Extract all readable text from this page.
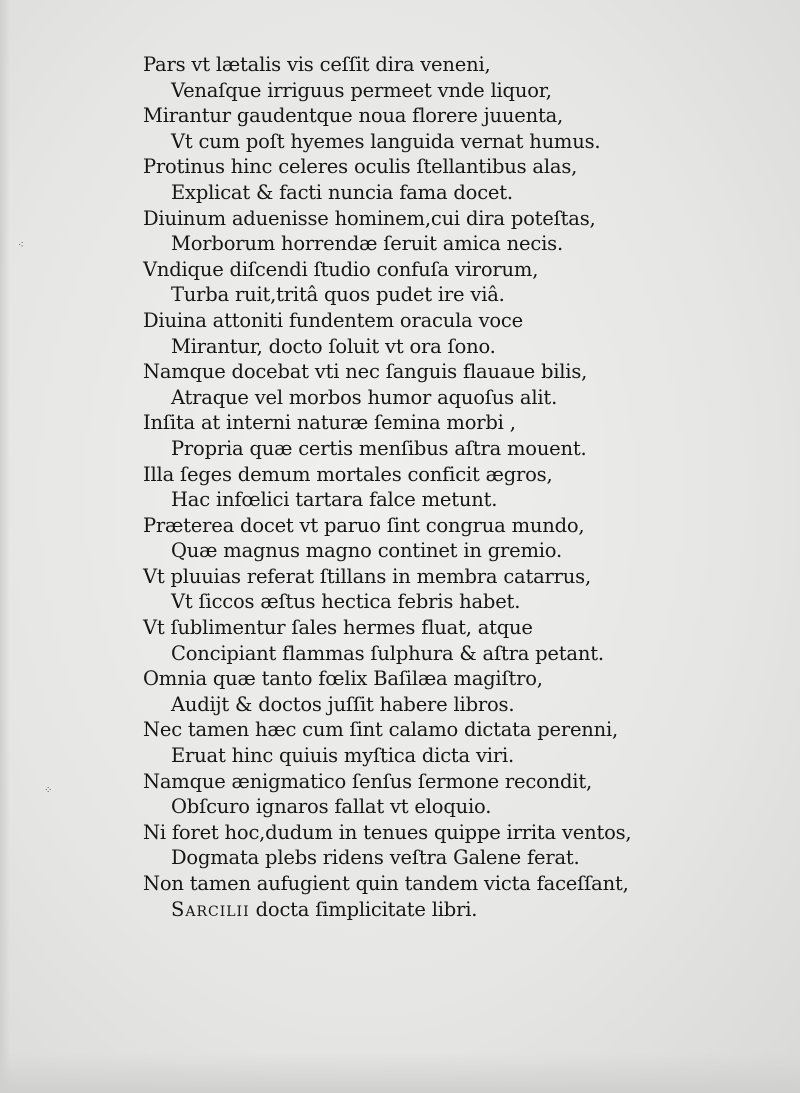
⁖
⁘
Pars vt lætalis vis ceſſit dira veneni,
Venaſque irriguus permeet vnde liquor,
Mirantur gaudentque noua florere juuenta,
Vt cum poſt hyemes languida vernat humus.
Protinus hinc celeres oculis ſtellantibus alas,
Explicat & facti nuncia fama docet.
Diuinum aduenisse hominem,cui dira poteſtas,
Morborum horrendæ ſeruit amica necis.
Vndique diſcendi ſtudio confuſa virorum,
Turba ruit,tritâ quos pudet ire viâ.
Diuina attoniti fundentem oracula voce
Mirantur, docto ſoluit vt ora ſono.
Namque docebat vti nec ſanguis flauaue bilis,
Atraque vel morbos humor aquoſus alit.
Inſita at interni naturæ ſemina morbi ,
Propria quæ certis menſibus aſtra mouent.
Illa ſeges demum mortales conficit ægros,
Hac infœlici tartara falce metunt.
Præterea docet vt paruo ſint congrua mundo,
Quæ magnus magno continet in gremio.
Vt pluuias referat ſtillans in membra catarrus,
Vt ſiccos æſtus hectica febris habet.
Vt ſublimentur ſales hermes fluat, atque
Concipiant flammas ſulphura & aſtra petant.
Omnia quæ tanto fœlix Baſilæa magiſtro,
Audijt & doctos juſſit habere libros.
Nec tamen hæc cum ſint calamo dictata perenni,
Eruat hinc quiuis myſtica dicta viri.
Namque ænigmatico ſenſus ſermone recondit,
Obſcuro ignaros fallat vt eloquio.
Ni foret hoc,dudum in tenues quippe irrita ventos,
Dogmata plebs ridens veſtra Galene ferat.
Non tamen aufugient quin tandem victa faceſſant,
Sarcilii docta ſimplicitate libri.
